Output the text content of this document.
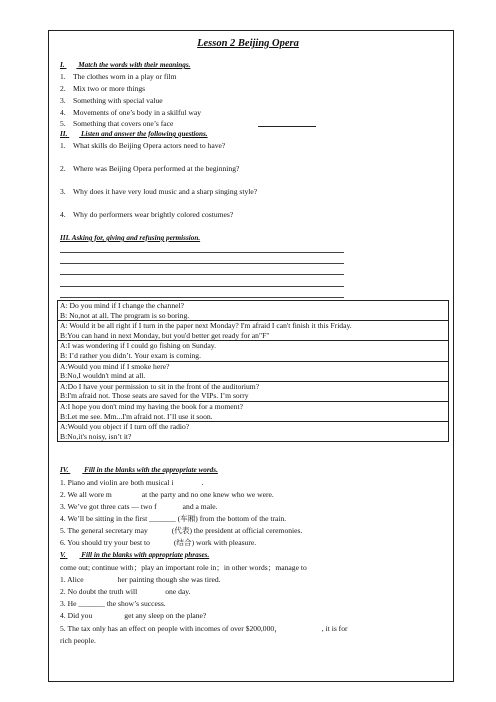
Lesson 2 Beijing Opera
I. Match the words with their meanings.
1. The clothes worn in a play or film
2. Mix two or more things
3. Something with special value
4. Movements of one’s body in a skilful way
5. Something that covers one’s face
II. Listen and answer the following questions.
1. What skills do Beijing Opera actors need to have?
2. Where was Beijing Opera performed at the beginning?
3. Why does it have very loud music and a sharp singing style?
4. Why do performers wear brightly colored costumes?
III. Asking for, giving and refusing permission.
A: Do you mind if I change the channel?
B: No,not at all. The program is so boring.

A: Would it be all right if I turn in the paper next Monday? I'm afraid I can't finish it this Friday.
B:You can hand in next Monday, but you'd better get ready for an"F"

A:I was wondering if I could go fishing on Sunday.
B: I’d rather you didn’t. Your exam is coming.

A:Would you mind if I smoke here?
B:No,I wouldn't mind at all.

A:Do I have your permission to sit in the front of the auditorium?
B:I'm afraid not. Those seats are saved for the VIPs. I’m sorry

A:I hope you don't mind my having the book for a moment?
B:Let me see. Mm...I'm afraid not. I’ll use it soon.

A:Would you object if I turn off the radio?
B:No,it's noisy, isn’t it?
IV. Fill in the blanks with the appropriate words.
1. Piano and violin are both musical i	.
2. We all wore m	at the party and no one knew who we were.
3. We’ve got three cats — two f	and a male.
4. We’ll be sitting in the first _______ (车厢) from the bottom of the train.
5. The general secretary may	(代表) the president at official ceremonies.
6. You should try your best to	(结合) work with pleasure.
V. Fill in the blanks with appropriate phrases.
come out; continue with；play an important role in；in other words；manage to
1. Alice	her painting though she was tired.
2. No doubt the truth will	one day.
3. He _______ the show’s success.
4. Did you	get any sleep on the plane?
5. The tax only has an effect on people with incomes of over $200,000，	, it is for
rich people.
